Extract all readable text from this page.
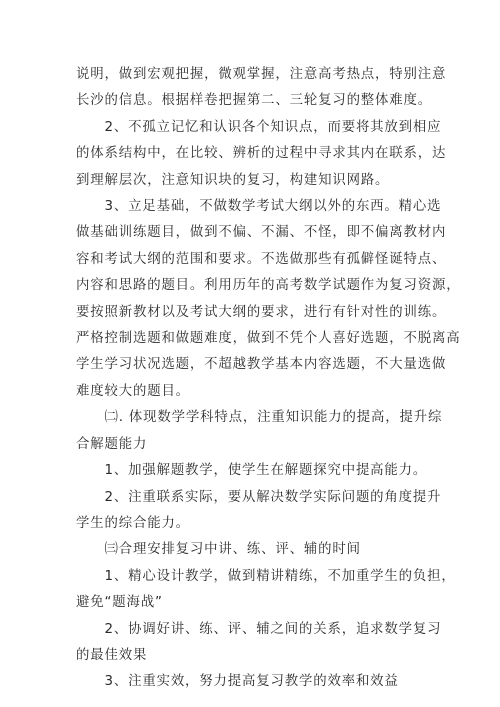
说明，做到宏观把握，微观掌握，注意高考热点，特别注意
长沙的信息。根据样卷把握第二、三轮复习的整体难度。

　　2、不孤立记忆和认识各个知识点，而要将其放到相应
的体系结构中，在比较、辨析的过程中寻求其内在联系，达
到理解层次，注意知识块的复习，构建知识网路。

　　3、立足基础，不做数学考试大纲以外的东西。精心选
做基础训练题目，做到不偏、不漏、不怪，即不偏离教材内
容和考试大纲的范围和要求。不选做那些有孤僻怪诞特点、
内容和思路的题目。利用历年的高考数学试题作为复习资源，
要按照新教材以及考试大纲的要求，进行有针对性的训练。
严格控制选题和做题难度，做到不凭个人喜好选题，不脱离高
学生学习状况选题，不超越教学基本内容选题，不大量选做
难度较大的题目。

　　㈡. 体现数学学科特点，注重知识能力的提高，提升综
合解题能力

　　1、加强解题教学，使学生在解题探究中提高能力。

　　2、注重联系实际，要从解决数学实际问题的角度提升
学生的综合能力。

　　㈢合理安排复习中讲、练、评、辅的时间

　　1、精心设计教学，做到精讲精练，不加重学生的负担，
避免“题海战”

　　2、协调好讲、练、评、辅之间的关系，追求数学复习
的最佳效果

　　3、注重实效，努力提高复习教学的效率和效益
